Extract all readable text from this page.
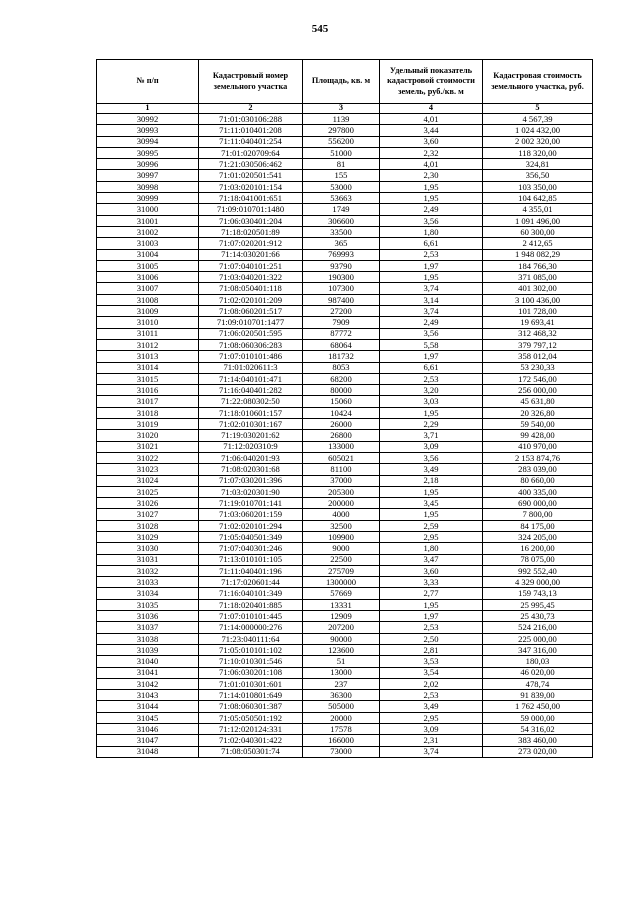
545
№ п/п	Кадастровый номер земельного участка	Площадь, кв. м	Удельный показатель кадастровой стоимости земель, руб./кв. м	Кадастровая стоимость земельного участка, руб.
1	2	3	4	5
30992	71:01:030106:288	1139	4,01	4 567,39
30993	71:11:010401:208	297800	3,44	1 024 432,00
30994	71:11:040401:254	556200	3,60	2 002 320,00
30995	71:01:020709:64	51000	2,32	118 320,00
30996	71:21:030506:462	81	4,01	324,81
30997	71:01:020501:541	155	2,30	356,50
30998	71:03:020101:154	53000	1,95	103 350,00
30999	71:18:041001:651	53663	1,95	104 642,85
31000	71:09:010701:1480	1749	2,49	4 355,01
31001	71:06:030401:204	306600	3,56	1 091 496,00
31002	71:18:020501:89	33500	1,80	60 300,00
31003	71:07:020201:912	365	6,61	2 412,65
31004	71:14:030201:66	769993	2,53	1 948 082,29
31005	71:07:040101:251	93790	1,97	184 766,30
31006	71:03:040201:322	190300	1,95	371 085,00
31007	71:08:050401:118	107300	3,74	401 302,00
31008	71:02:020101:209	987400	3,14	3 100 436,00
31009	71:08:060201:517	27200	3,74	101 728,00
31010	71:09:010701:1477	7909	2,49	19 693,41
31011	71:06:020501:595	87772	3,56	312 468,32
31012	71:08:060306:283	68064	5,58	379 797,12
31013	71:07:010101:486	181732	1,97	358 012,04
31014	71:01:020611:3	8053	6,61	53 230,33
31015	71:14:040101:471	68200	2,53	172 546,00
31016	71:16:040401:282	80000	3,20	256 000,00
31017	71:22:080302:50	15060	3,03	45 631,80
31018	71:18:010601:157	10424	1,95	20 326,80
31019	71:02:010301:167	26000	2,29	59 540,00
31020	71:19:030201:62	26800	3,71	99 428,00
31021	71:12:020310:9	133000	3,09	410 970,00
31022	71:06:040201:93	605021	3,56	2 153 874,76
31023	71:08:020301:68	81100	3,49	283 039,00
31024	71:07:030201:396	37000	2,18	80 660,00
31025	71:03:020301:90	205300	1,95	400 335,00
31026	71:19:010701:141	200000	3,45	690 000,00
31027	71:03:060201:159	4000	1,95	7 800,00
31028	71:02:020101:294	32500	2,59	84 175,00
31029	71:05:040501:349	109900	2,95	324 205,00
31030	71:07:040301:246	9000	1,80	16 200,00
31031	71:13:010101:105	22500	3,47	78 075,00
31032	71:11:040401:196	275709	3,60	992 552,40
31033	71:17:020601:44	1300000	3,33	4 329 000,00
31034	71:16:040101:349	57669	2,77	159 743,13
31035	71:18:020401:885	13331	1,95	25 995,45
31036	71:07:010101:445	12909	1,97	25 430,73
31037	71:14:000000:276	207200	2,53	524 216,00
31038	71:23:040111:64	90000	2,50	225 000,00
31039	71:05:010101:102	123600	2,81	347 316,00
31040	71:10:010301:546	51	3,53	180,03
31041	71:06:030201:108	13000	3,54	46 020,00
31042	71:01:010301:601	237	2,02	478,74
31043	71:14:010801:649	36300	2,53	91 839,00
31044	71:08:060301:387	505000	3,49	1 762 450,00
31045	71:05:050501:192	20000	2,95	59 000,00
31046	71:12:020124:331	17578	3,09	54 316,02
31047	71:02:040301:422	166000	2,31	383 460,00
31048	71:08:050301:74	73000	3,74	273 020,00
